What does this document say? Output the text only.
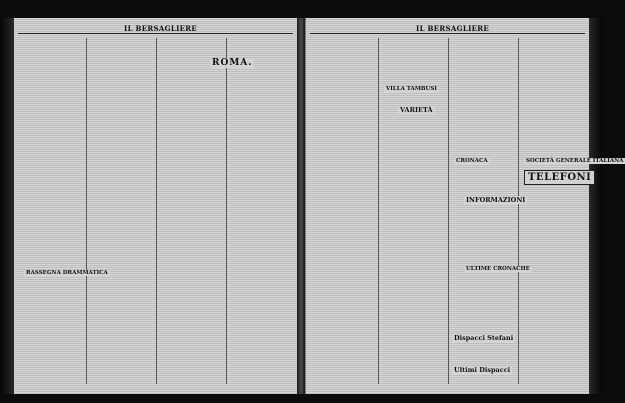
IL BERSAGLIERE
ROMA.
RASSEGNA DRAMMATICA
IL BERSAGLIERE
VILLA TAMBUSI
VARIETÀ
CRONACA
INFORMAZIONI
ULTIME CRONACHE
Dispacci Stefani
Ultimi Dispacci
TELEFONI
SOCIETÀ GENERALE ITALIANA
